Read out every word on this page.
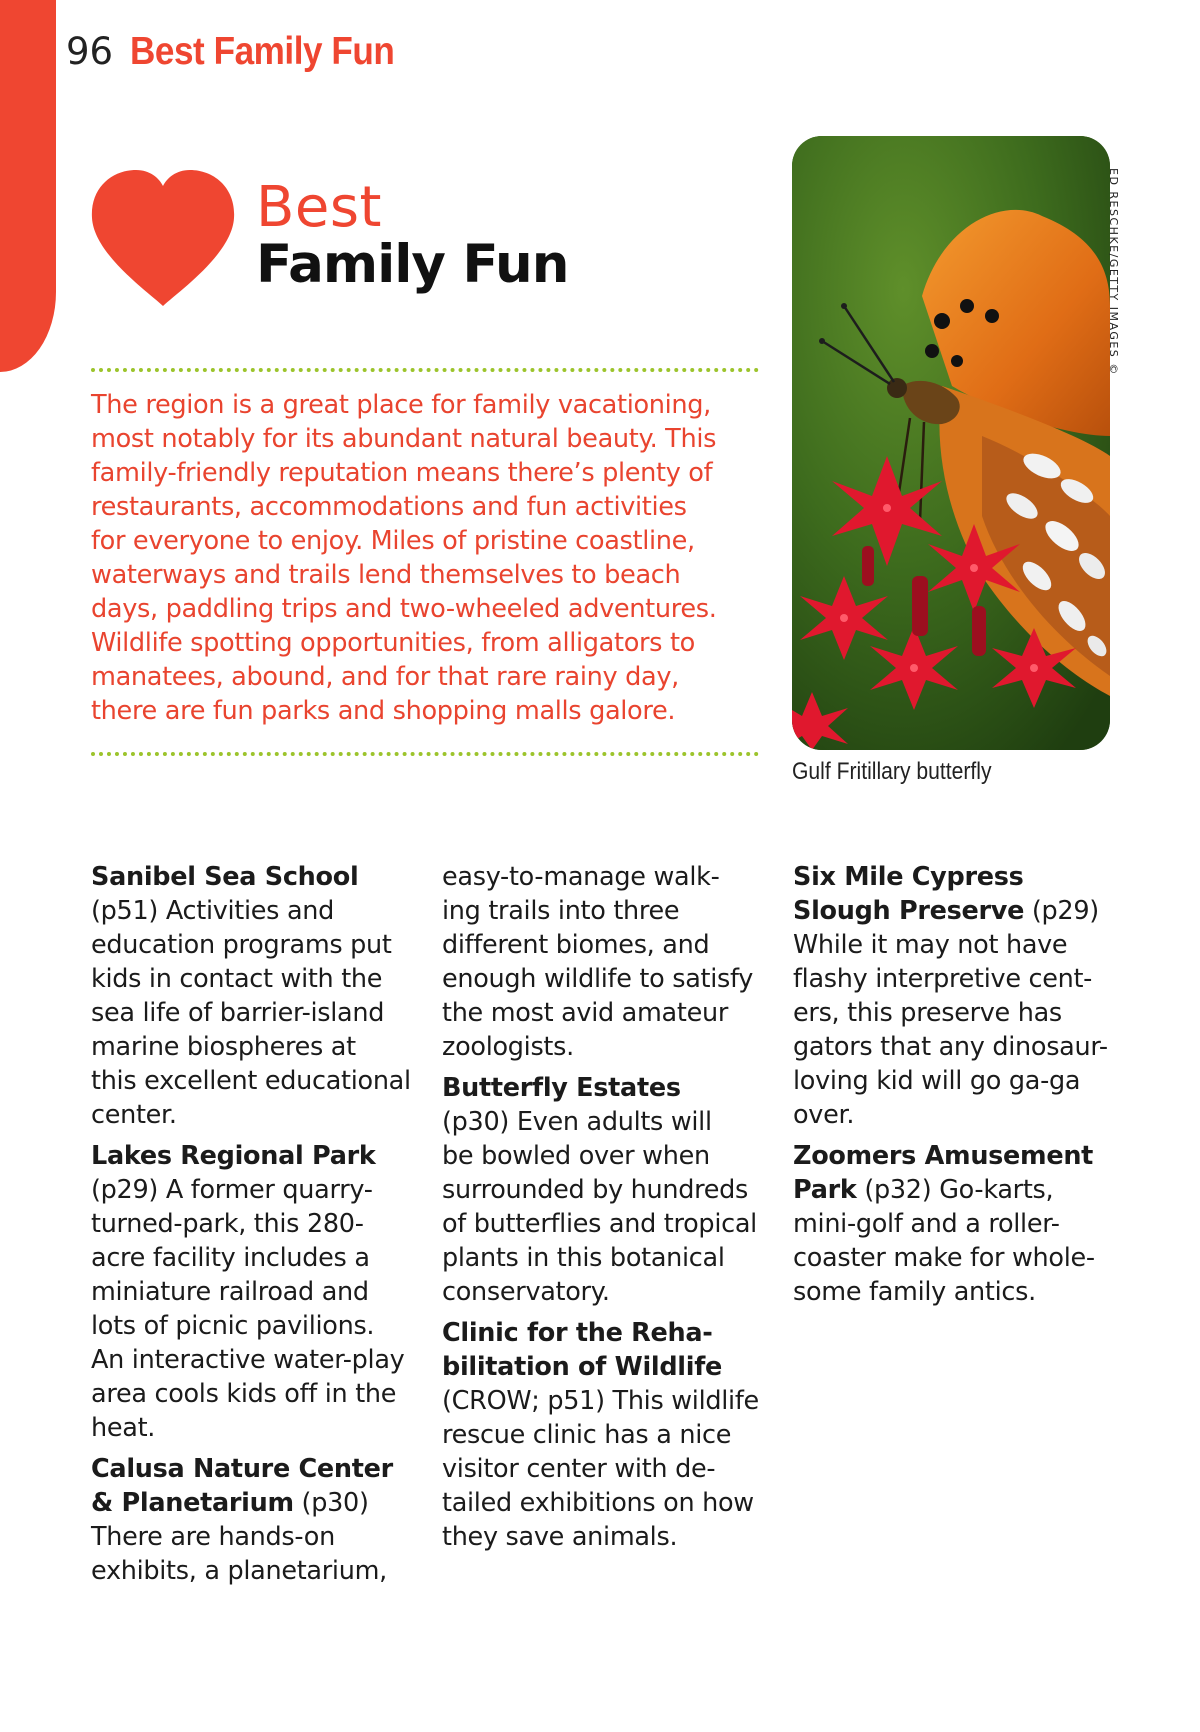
96 Best Family Fun
Best
Family Fun
The region is a great place for family vacationing,
most notably for its abundant natural beauty. This
family-friendly reputation means there’s plenty of
restaurants, accommodations and fun activities
for everyone to enjoy. Miles of pristine coastline,
waterways and trails lend themselves to beach
days, paddling trips and two-wheeled adventures.
Wildlife spotting opportunities, from alligators to
manatees, abound, and for that rare rainy day,
there are fun parks and shopping malls galore.
ED RESCHKE/GETTY IMAGES ©
Gulf Fritillary butterfly
Sanibel Sea School
(p51) Activities and
education programs put
kids in contact with the
sea life of barrier-island
marine biospheres at
this excellent educational
center.
Lakes Regional Park
(p29) A former quarry-
turned-park, this 280-
acre facility includes a
miniature railroad and
lots of picnic pavilions.
An interactive water-play
area cools kids off in the
heat.
Calusa Nature Center
& Planetarium (p30)
There are hands-on
exhibits, a planetarium,
easy-to-manage walk-
ing trails into three
different biomes, and
enough wildlife to satisfy
the most avid amateur
zoologists.
Butterfly Estates
(p30) Even adults will
be bowled over when
surrounded by hundreds
of butterflies and tropical
plants in this botanical
conservatory.
Clinic for the Reha-
bilitation of Wildlife
(CROW; p51) This wildlife
rescue clinic has a nice
visitor center with de-
tailed exhibitions on how
they save animals.
Six Mile Cypress
Slough Preserve (p29)
While it may not have
flashy interpretive cent-
ers, this preserve has
gators that any dinosaur-
loving kid will go ga-ga
over.
Zoomers Amusement
Park (p32) Go-karts,
mini-golf and a roller-
coaster make for whole-
some family antics.
